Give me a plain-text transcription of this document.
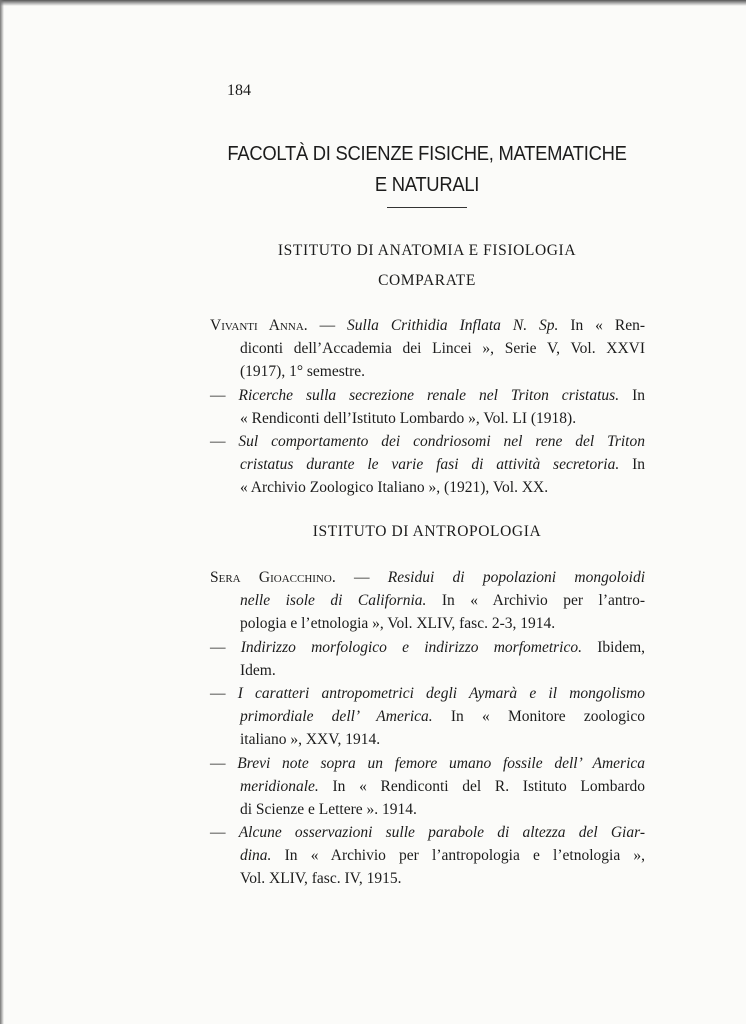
184
FACOLTÀ DI SCIENZE FISICHE, MATEMATICHE
E NATURALI
ISTITUTO DI ANATOMIA E FISIOLOGIA
COMPARATE
Vivanti Anna. — Sulla Crithidia Inflata N. Sp. In « Ren-
diconti dell’Accademia dei Lincei », Serie V, Vol. XXVI
(1917), 1° semestre.
— Ricerche sulla secrezione renale nel Triton cristatus. In
« Rendiconti dell’Istituto Lombardo », Vol. LI (1918).
— Sul comportamento dei condriosomi nel rene del Triton
cristatus durante le varie fasi di attività secretoria. In
« Archivio Zoologico Italiano », (1921), Vol. XX.
ISTITUTO DI ANTROPOLOGIA
Sera Gioacchino. — Residui di popolazioni mongoloidi
nelle isole di California. In « Archivio per l’antro-
pologia e l’etnologia », Vol. XLIV, fasc. 2-3, 1914.
— Indirizzo morfologico e indirizzo morfometrico. Ibidem,
Idem.
— I caratteri antropometrici degli Aymarà e il mongolismo
primordiale dell’ America. In « Monitore zoologico
italiano », XXV, 1914.
— Brevi note sopra un femore umano fossile dell’ America
meridionale. In « Rendiconti del R. Istituto Lombardo
di Scienze e Lettere ». 1914.
— Alcune osservazioni sulle parabole di altezza del Giar-
dina. In « Archivio per l’antropologia e l’etnologia »,
Vol. XLIV, fasc. IV, 1915.
